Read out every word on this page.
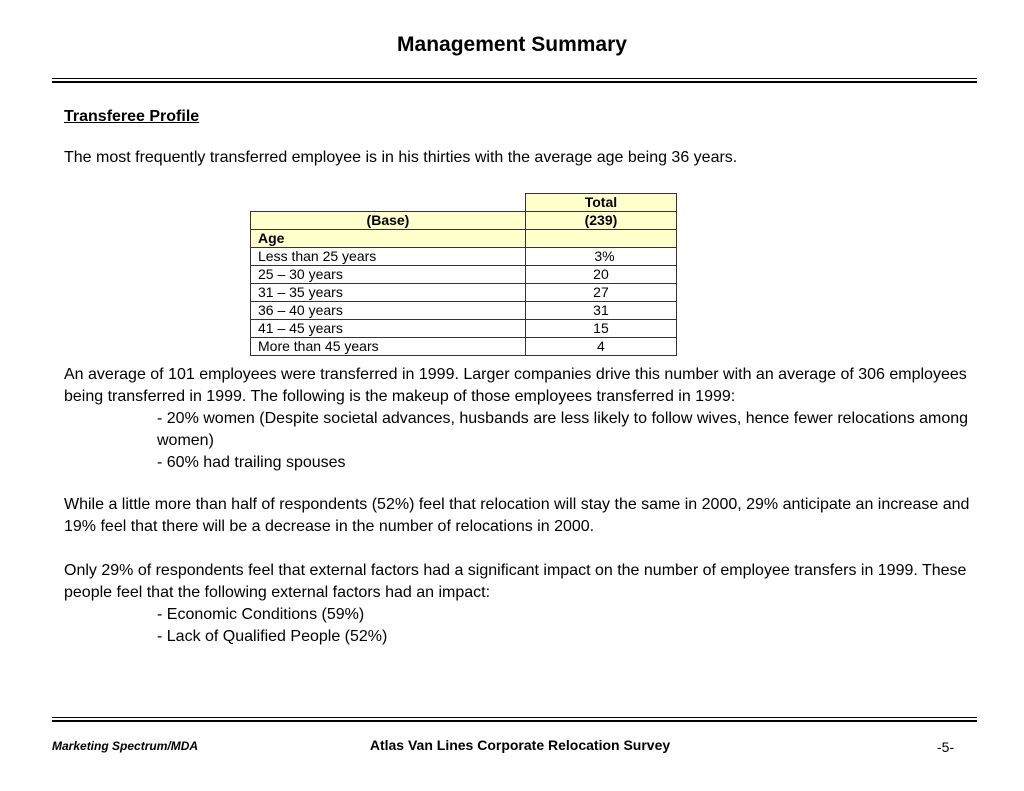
Management Summary
Transferee Profile
The most frequently transferred employee is in his thirties with the average age being 36 years.
	Total
(Base)	(239)
Age	
Less than 25 years	3%
25 – 30 years	20
31 – 35 years	27
36 – 40 years	31
41 – 45 years	15
More than 45 years	4
An average of 101 employees were transferred in 1999. Larger companies drive this number with an average of 306 employees being transferred in 1999. The following is the makeup of those employees transferred in 1999:
- 20% women (Despite societal advances, husbands are less likely to follow wives, hence fewer relocations among women)
- 60% had trailing spouses
While a little more than half of respondents (52%) feel that relocation will stay the same in 2000, 29% anticipate an increase and 19% feel that there will be a decrease in the number of relocations in 2000.
Only 29% of respondents feel that external factors had a significant impact on the number of employee transfers in 1999. These people feel that the following external factors had an impact:
- Economic Conditions (59%)
- Lack of Qualified People (52%)
Marketing Spectrum/MDA	Atlas Van Lines Corporate Relocation Survey	-5-
